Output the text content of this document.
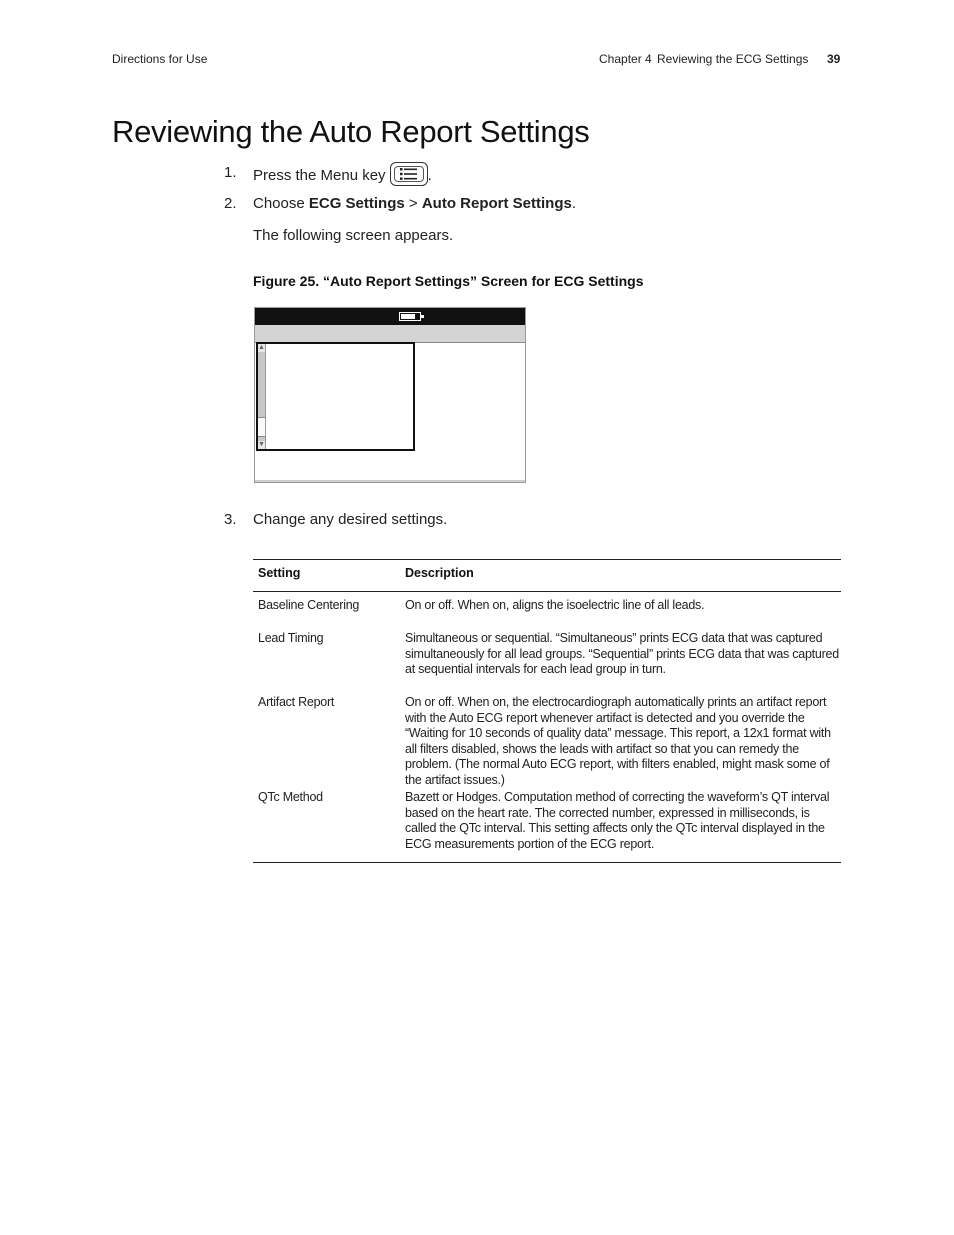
Directions for Use	Chapter 4 Reviewing the ECG Settings 39
Reviewing the Auto Report Settings
1. Press the Menu key	.
2. Choose ECG Settings > Auto Report Settings.
The following screen appears.
Figure 25. “Auto Report Settings” Screen for ECG Settings
▲
▼
3. Change any desired settings.
Setting	Description
Baseline Centering	On or off. When on, aligns the isoelectric line of all leads.
Lead Timing	Simultaneous or sequential. “Simultaneous” prints ECG data that was captured simultaneously for all lead groups. “Sequential” prints ECG data that was captured at sequential intervals for each lead group in turn.
Artifact Report	On or off. When on, the electrocardiograph automatically prints an artifact report with the Auto ECG report whenever artifact is detected and you override the “Waiting for 10 seconds of quality data” message. This report, a 12x1 format with all filters disabled, shows the leads with artifact so that you can remedy the problem. (The normal Auto ECG report, with filters enabled, might mask some of the artifact issues.)
QTc Method	Bazett or Hodges. Computation method of correcting the waveform’s QT interval based on the heart rate. The corrected number, expressed in milliseconds, is called the QTc interval. This setting affects only the QTc interval displayed in the ECG measurements portion of the ECG report.
